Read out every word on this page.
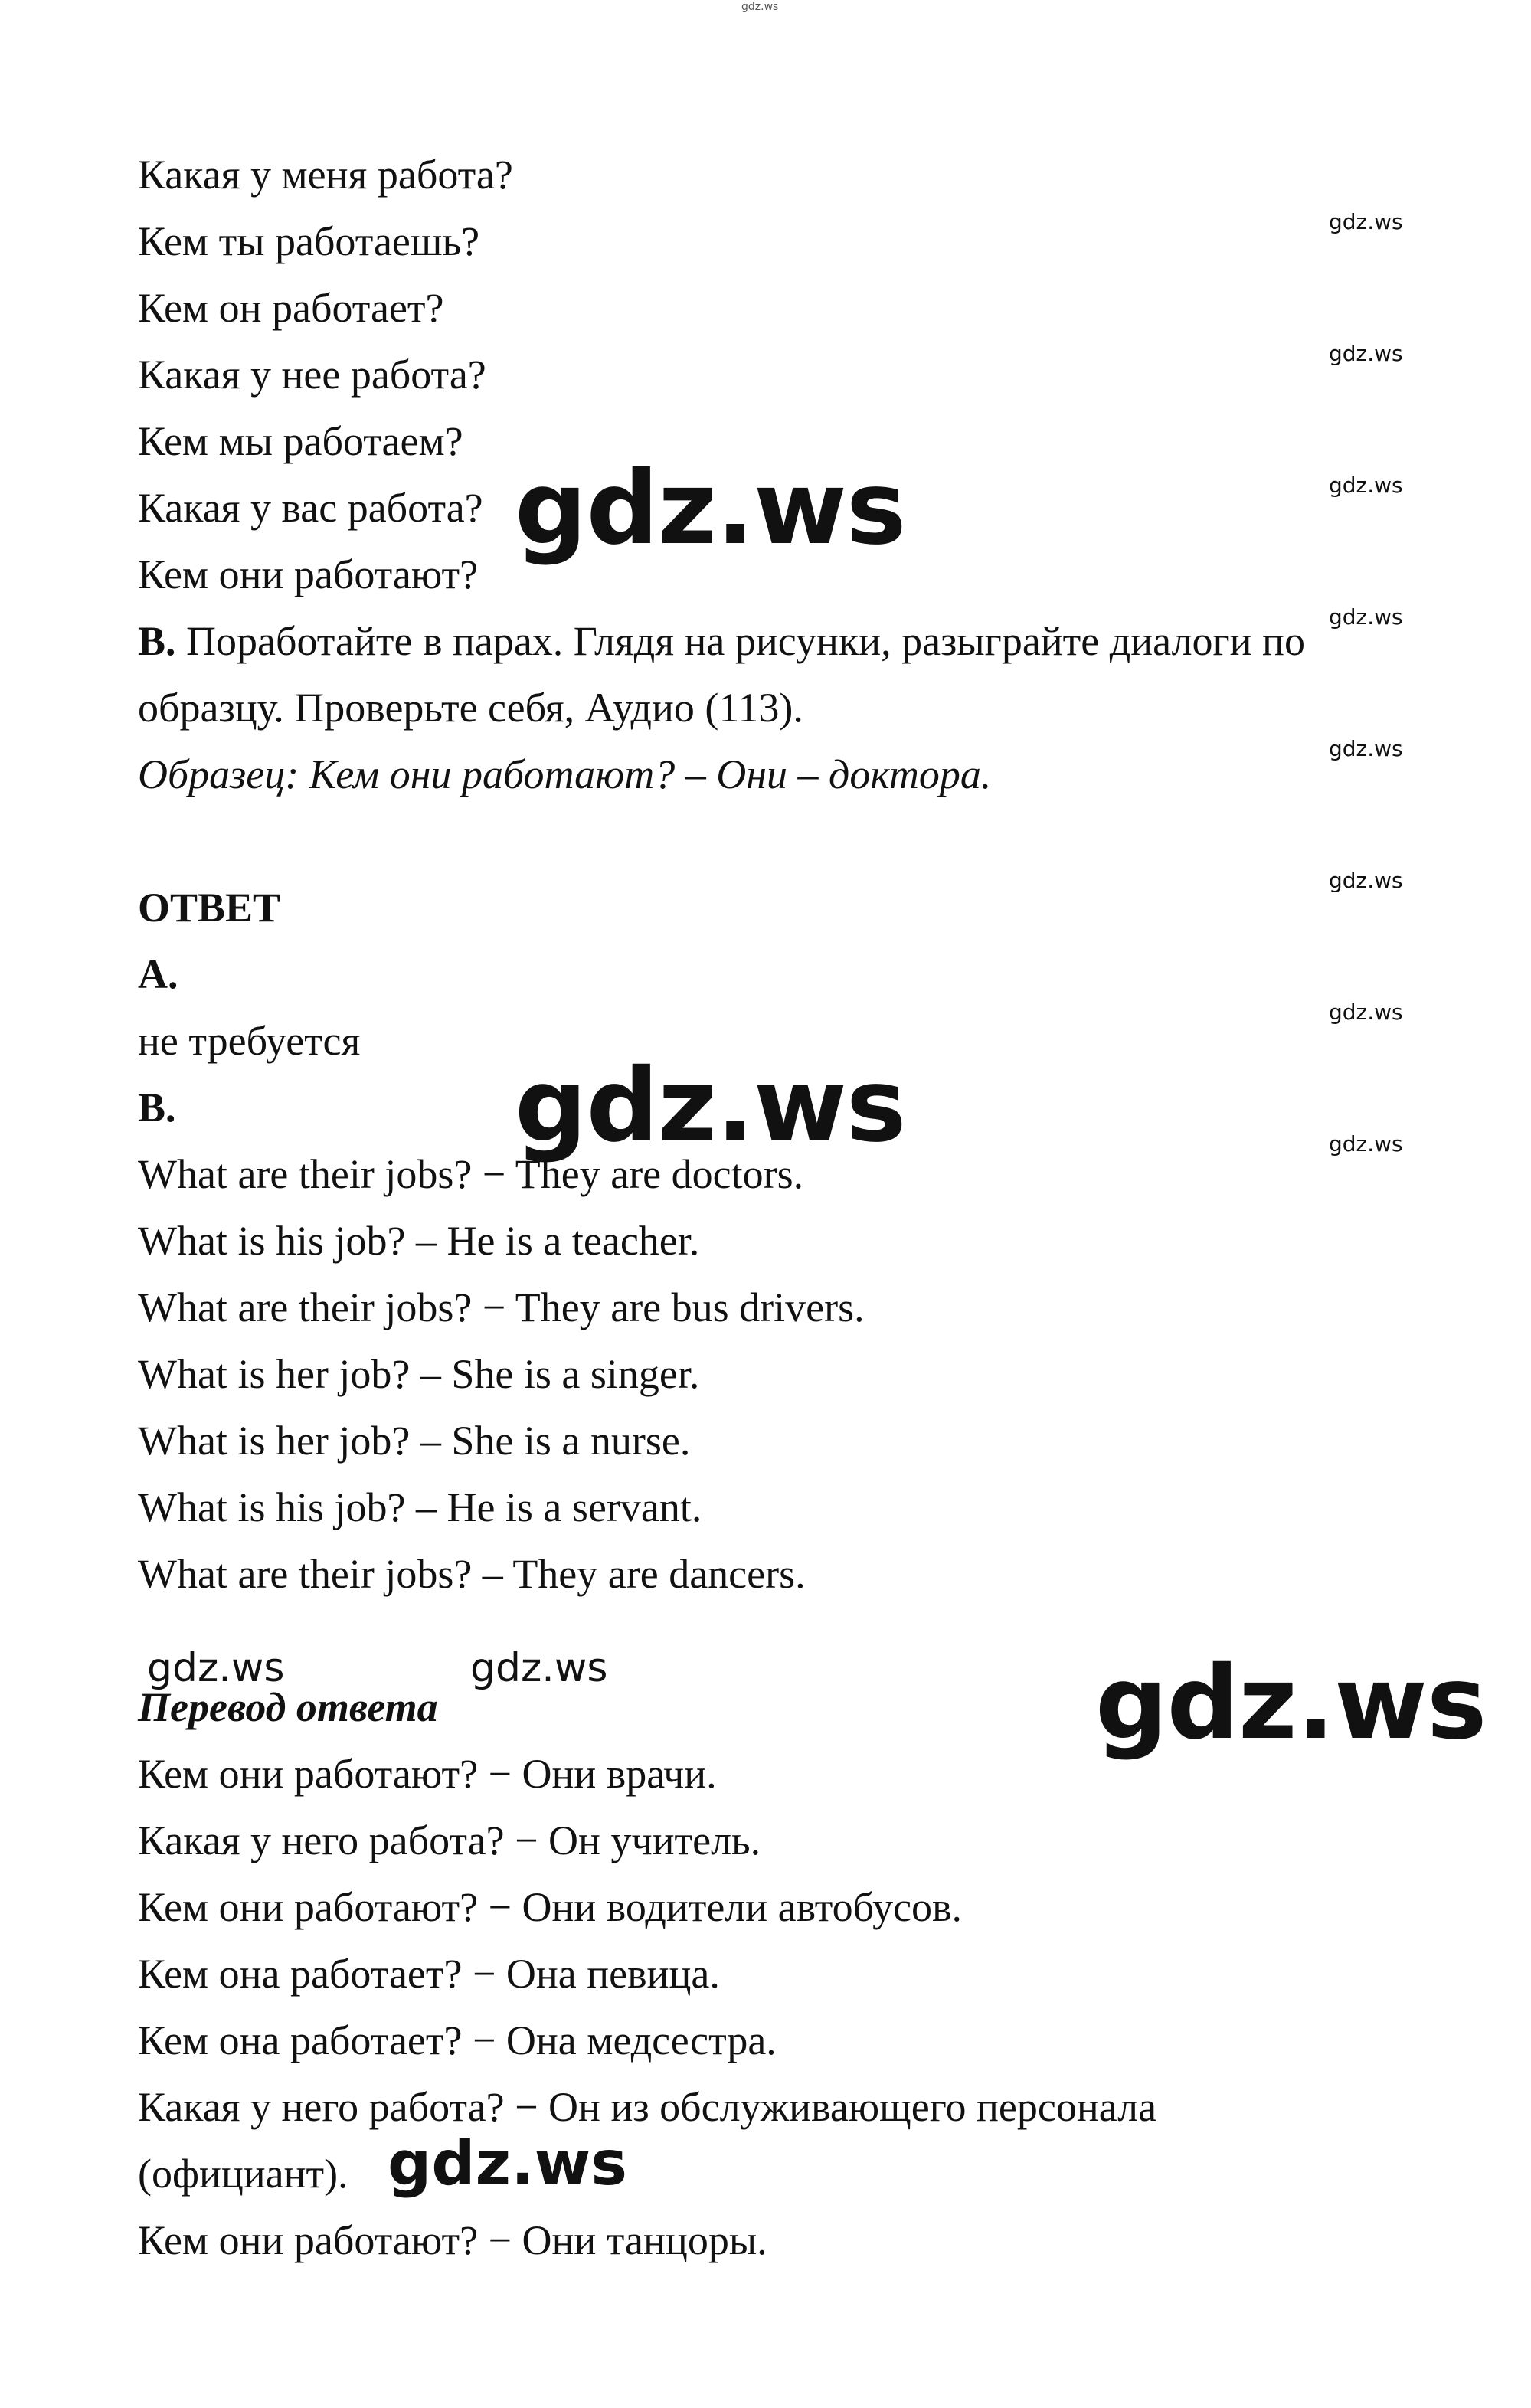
gdz.ws

Какая у меня работа?

Кем ты работаешь?

Кем он работает?

Какая у нее работа?

Кем мы работаем?

Какая у вас работа?

Кем они работают?

B. Поработайте в парах. Глядя на рисунки, разыграйте диалоги по

образцу. Проверьте себя, Аудио (113).

Образец: Кем они работают? – Они – доктора.

ОТВЕТ

A.

не требуется

B.

What are their jobs? − They are doctors.

What is his job? – He is a teacher.

What are their jobs? − They are bus drivers.

What is her job? – She is a singer.

What is her job? – She is a nurse.

What is his job? – He is a servant.

What are their jobs? – They are dancers.

Перевод ответа

Кем они работают? − Они врачи.

Какая у него работа? − Он учитель.

Кем они работают? − Они водители автобусов.

Кем она работает? − Она певица.

Кем она работает? − Она медсестра.

Какая у него работа? − Он из обслуживающего персонала

(официант).

Кем они работают? − Они танцоры.

gdz.ws
gdz.ws
gdz.ws
gdz.ws
gdz.ws
gdz.ws
gdz.ws
gdz.ws
gdz.ws
gdz.ws
gdz.ws
gdz.ws	gdz.ws
gdz.ws
